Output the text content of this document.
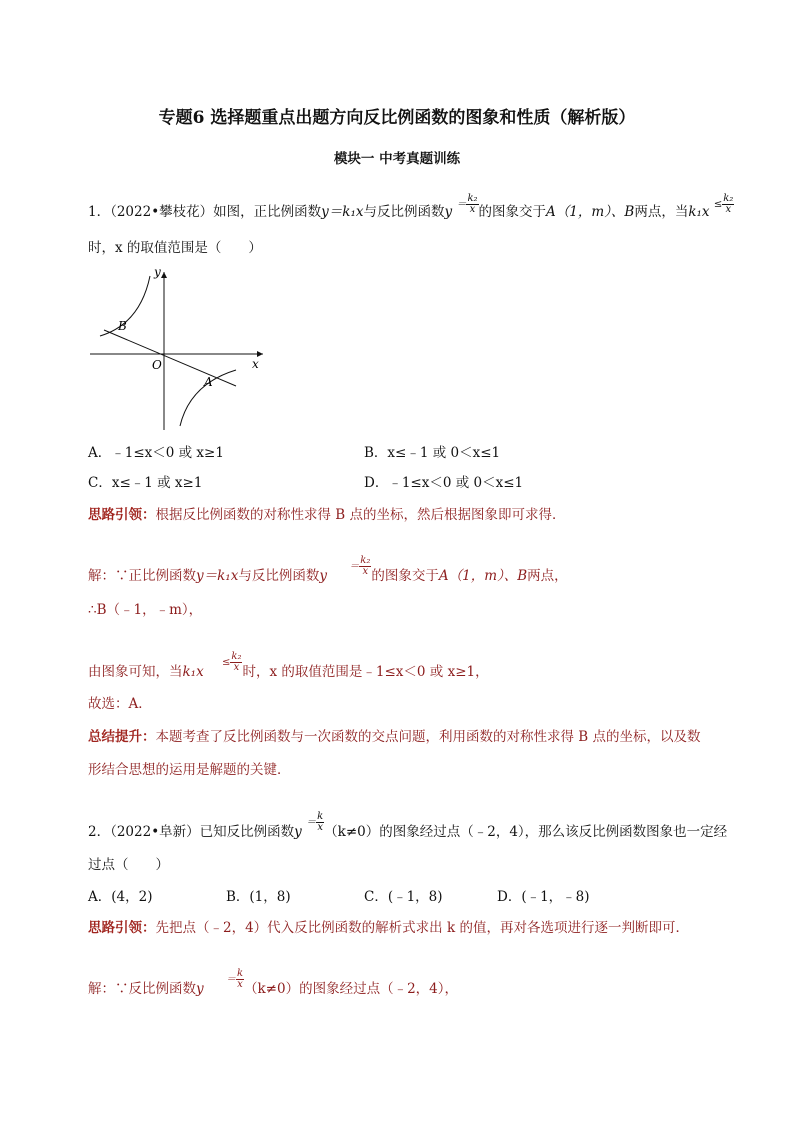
专题6 选择题重点出题方向反比例函数的图象和性质（解析版）
模块一 中考真题训练
1．（2022•攀枝花）如图，正比例函数y＝k₁x与反比例函数$y = \frac{\text{k₂}}{x}$ 的图象交于A（1，m）、B两点，当$k_1x \le \frac{\text{k₂}}{x}$
时，x 的取值范围是（　　）
y
x
O
B
A
A．﹣1≤x＜0 或 x≥1	B．x≤﹣1 或 0＜x≤1
C．x≤﹣1 或 x≥1	D．﹣1≤x＜0 或 0＜x≤1
思路引领：根据反比例函数的对称性求得 B 点的坐标，然后根据图象即可求得．
解：∵正比例函数y＝k₁x与反比例函数$y = \frac{\text{k₂}}{x}$ 的图象交于A（1，m）、B两点，
∴B（﹣1，﹣m），
由图象可知，当$k_1x \le \frac{\text{k₂}}{x}$ 时，x 的取值范围是﹣1≤x＜0 或 x≥1，
故选：A．
总结提升：本题考查了反比例函数与一次函数的交点问题，利用函数的对称性求得 B 点的坐标，以及数
形结合思想的运用是解题的关键．
2．（2022•阜新）已知反比例函数$y = \frac{k}{x} (k\ne 0)$的图象经过点（﹣2，4），那么该反比例函数图象也一定经
过点（　　）
A．(4，2)	B．(1，8)	C．(﹣1，8)	D．(﹣1，﹣8)
思路引领：先把点（﹣2，4）代入反比例函数的解析式求出 k 的值，再对各选项进行逐一判断即可．
解：∵反比例函数$y = \frac{k}{x} (k\ne 0)$的图象经过点（﹣2，4），
